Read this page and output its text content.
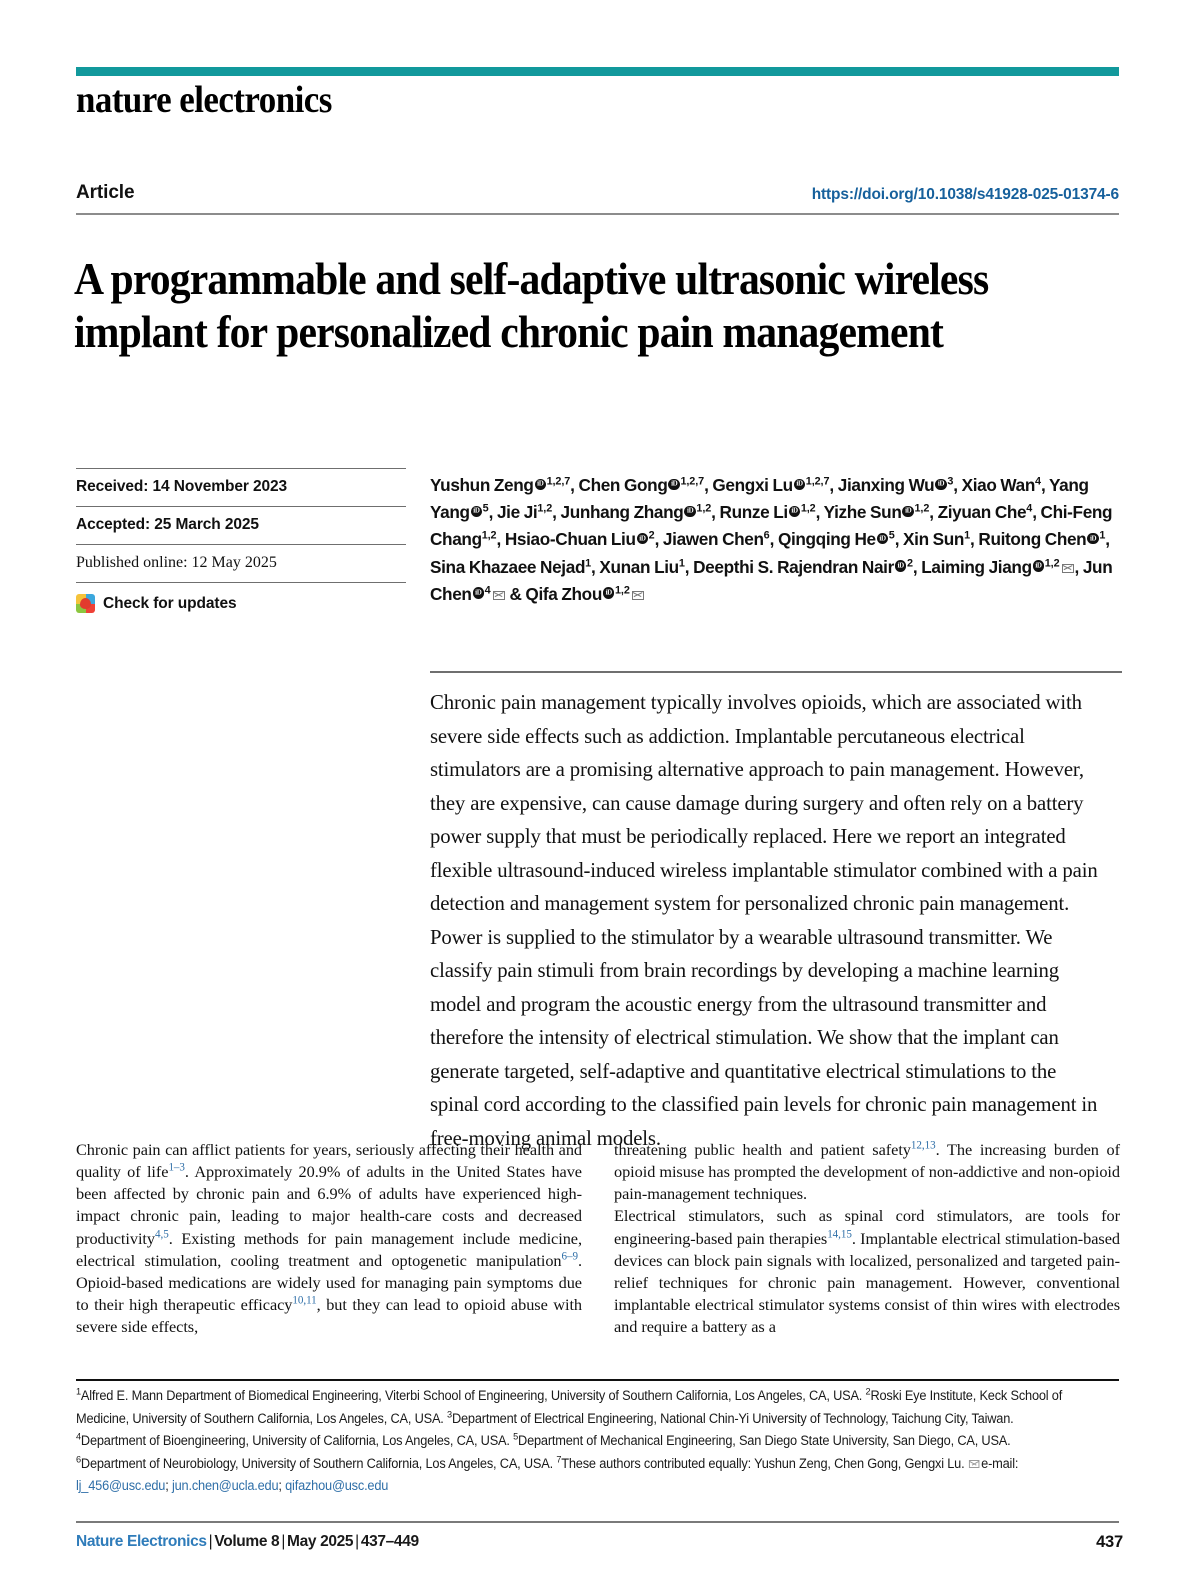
nature electronics
Article	https://doi.org/10.1038/s41928-025-01374-6
A programmable and self-adaptive ultrasonic wireless implant for personalized chronic pain management
Received: 14 November 2023
Accepted: 25 March 2025
Published online: 12 May 2025
Check for updates
Yushun Zeng iD $^{1,2,7}$, Chen Gong iD $^{1,2,7}$, Gengxi Lu iD $^{1,2,7}$, Jianxing Wu iD $^3$, Xiao Wan$^4$, Yang Yang iD $^5$, Jie Ji$^{1,2}$, Junhang Zhang iD $^{1,2}$, Runze Li iD $^{1,2}$, Yizhe SuniD $^{1,2}$, Ziyuan Che$^4$, Chi-Feng Chang$^{1,2}$, Hsiao-Chuan Liu iD $^2$, Jiawen Chen$^6$, Qingqing He iD $^5$, Xin Sun$^1$, Ruitong Chen iD $^1$, Sina Khazaee Nejad$^1$, Xunan Liu$^1$, Deepthi S. Rajendran Nair iD $^2$, Laiming Jiang iD $^{1,2}$ , Jun Chen iD $^4$ & Qifa ZhouiD $^{1,2}$
Chronic pain management typically involves opioids, which are associated with severe side effects such as addiction. Implantable percutaneous electrical stimulators are a promising alternative approach to pain management. However, they are expensive, can cause damage during surgery and often rely on a battery power supply that must be periodically replaced. Here we report an integrated flexible ultrasound-induced wireless implantable stimulator combined with a pain detection and management system for personalized chronic pain management. Power is supplied to the stimulator by a wearable ultrasound transmitter. We classify pain stimuli from brain recordings by developing a machine learning model and program the acoustic energy from the ultrasound transmitter and therefore the intensity of electrical stimulation. We show that the implant can generate targeted, self-adaptive and quantitative electrical stimulations to the spinal cord according to the classified pain levels for chronic pain management in free-moving animal models.

Chronic pain can afflict patients for years, seriously affecting their health and quality of life$^{1-3}$. Approximately 20.9% of adults in the United States have been affected by chronic pain and 6.9% of adults have experienced high-impact chronic pain, leading to major health-care costs and decreased productivity$^{4,5}$. Existing methods for pain management include medicine, electrical stimulation, cooling treatment and optogenetic manipulation$^{6-9}$. Opioid-based medications are widely used for managing pain symptoms due to their high therapeutic efficacy$^{10,11}$, but they can lead to opioid abuse with severe side effects,

threatening public health and patient safety$^{12,13}$. The increasing burden of opioid misuse has prompted the development of non-addictive and non-opioid pain-management techniques.
Electrical stimulators, such as spinal cord stimulators, are tools for engineering-based pain therapies$^{14,15}$. Implantable electrical stimulation-based devices can block pain signals with localized, personalized and targeted pain-relief techniques for chronic pain management. However, conventional implantable electrical stimulator systems consist of thin wires with electrodes and require a battery as a

$^1$Alfred E. Mann Department of Biomedical Engineering, Viterbi School of Engineering, University of Southern California, Los Angeles, CA, USA. $^2$Roski Eye Institute, Keck School of Medicine, University of Southern California, Los Angeles, CA, USA. $^3$Department of Electrical Engineering, National Chin-Yi University of Technology, Taichung City, Taiwan. $^4$Department of Bioengineering, University of California, Los Angeles, CA, USA. $^5$Department of Mechanical Engineering, San Diego State University, San Diego, CA, USA. $^6$Department of Neurobiology, University of Southern California, Los Angeles, CA, USA. $^7$These authors contributed equally: Yushun Zeng, Chen Gong, Gengxi Lu. e-mail: lj_456@usc.edu; jun.chen@ucla.edu; qifazhou@usc.edu
Nature Electronics | Volume 8 | May 2025 | 437–449	437
